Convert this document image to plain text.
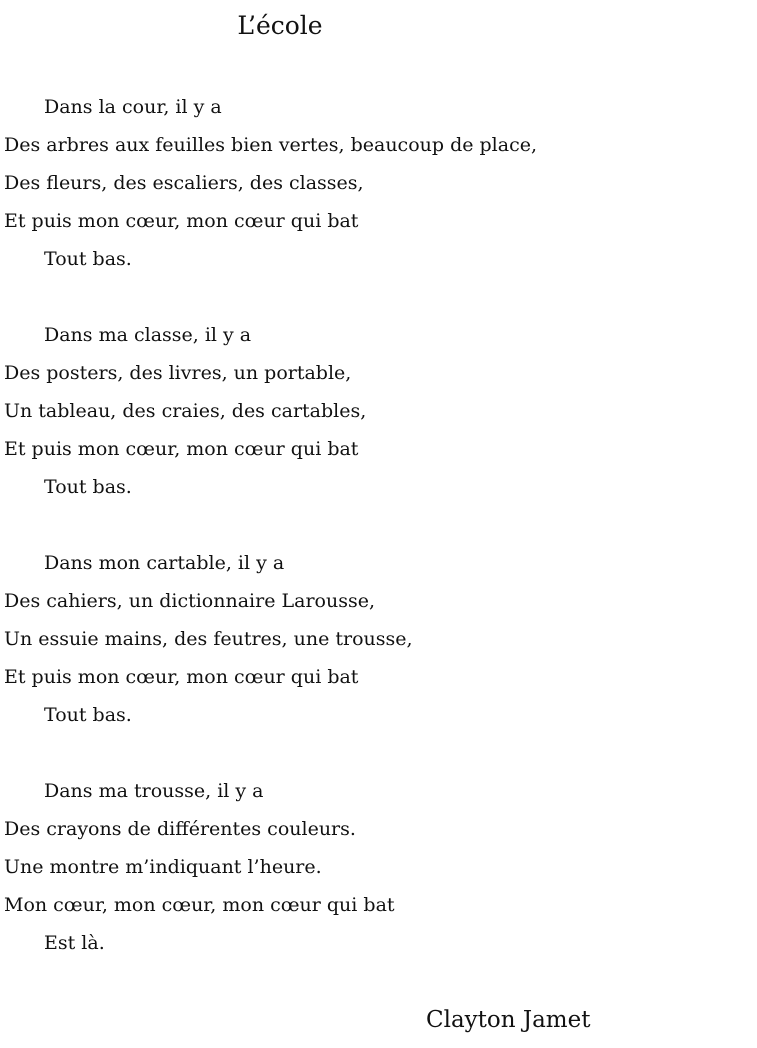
L’école
Dans la cour, il y a
Des arbres aux feuilles bien vertes, beaucoup de place,
Des fleurs, des escaliers, des classes,
Et puis mon cœur, mon cœur qui bat
Tout bas.
Dans ma classe, il y a
Des posters, des livres, un portable,
Un tableau, des craies, des cartables,
Et puis mon cœur, mon cœur qui bat
Tout bas.
Dans mon cartable, il y a
Des cahiers, un dictionnaire Larousse,
Un essuie mains, des feutres, une trousse,
Et puis mon cœur, mon cœur qui bat
Tout bas.
Dans ma trousse, il y a
Des crayons de différentes couleurs.
Une montre m’indiquant l’heure.
Mon cœur, mon cœur, mon cœur qui bat
Est là.
Clayton Jamet
